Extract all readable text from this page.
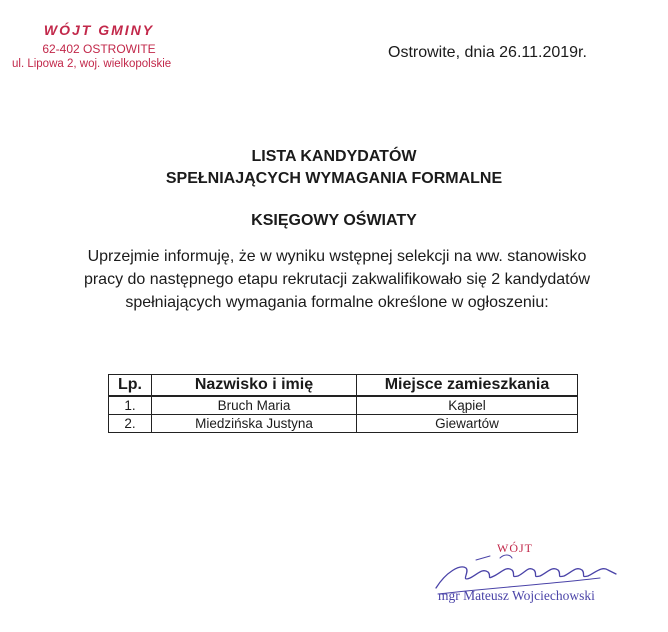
WÓJT GMINY
62-402 OSTROWITE
ul. Lipowa 2, woj. wielkopolskie
Ostrowite, dnia 26.11.2019r.
LISTA KANDYDATÓW
SPEŁNIAJĄCYCH WYMAGANIA FORMALNE
KSIĘGOWY OŚWIATY
Uprzejmie informuję, że w wyniku wstępnej selekcji na ww. stanowisko
pracy do następnego etapu rekrutacji zakwalifikowało się 2 kandydatów
spełniających wymagania formalne określone w ogłoszeniu:
Lp.	Nazwisko i imię	Miejsce zamieszkania
1.	Bruch Maria	Kąpiel
2.	Miedzińska Justyna	Giewartów
WÓJT
mgr Mateusz Wojciechowski
